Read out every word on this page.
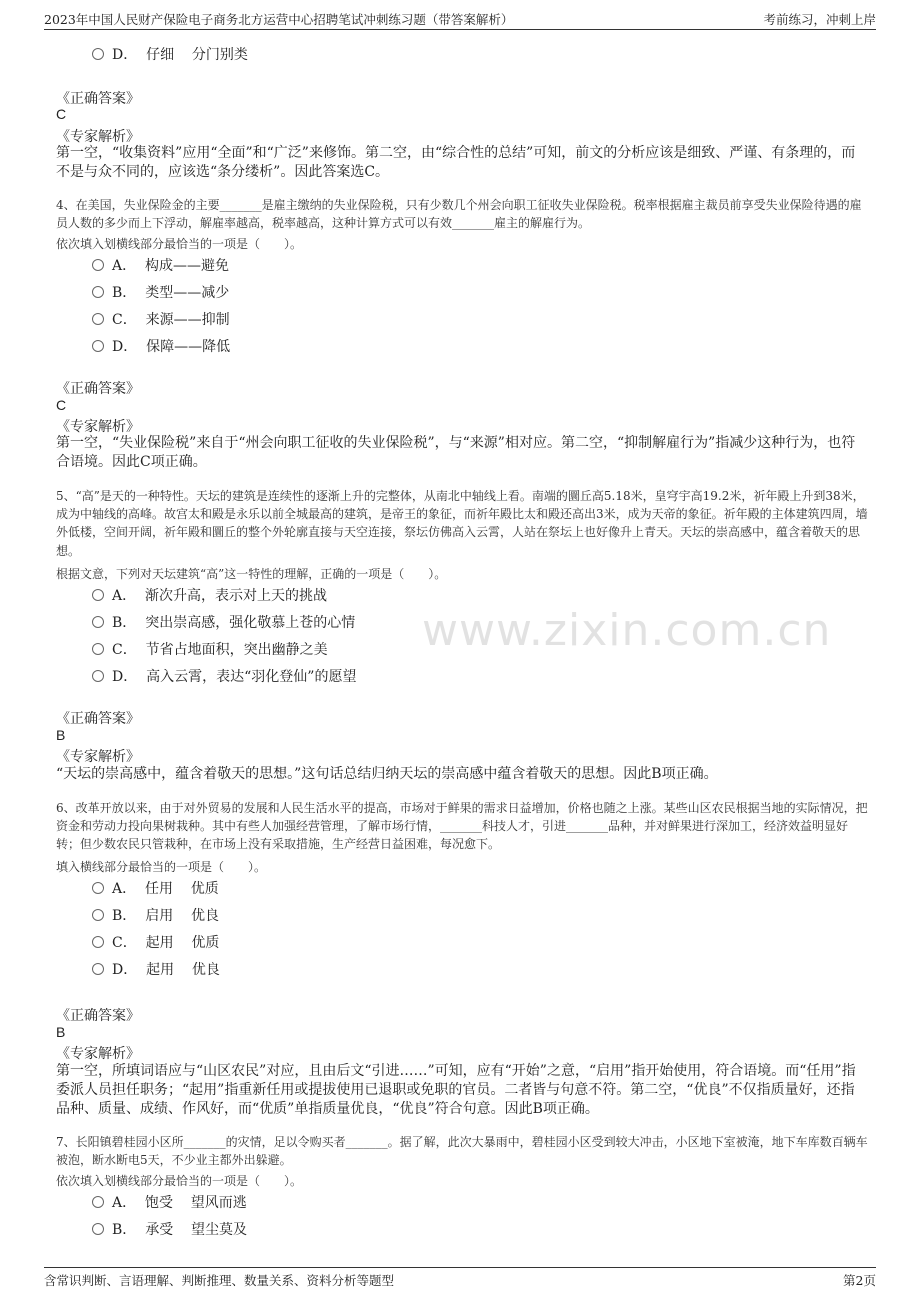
2023年中国人民财产保险电子商务北方运营中心招聘笔试冲刺练习题（带答案解析）	考前练习，冲刺上岸
www.zixin.com.cn
D．  仔细    分门别类
《正确答案》
C
《专家解析》
第一空，“收集资料”应用“全面”和“广泛”来修饰。第二空，由“综合性的总结”可知，前文的分析应该是细致、严谨、有条理的，而不是与众不同的，应该选“条分缕析”。因此答案选C。
4、在美国，失业保险金的主要_______是雇主缴纳的失业保险税，只有少数几个州会向职工征收失业保险税。税率根据雇主裁员前享受失业保险待遇的雇员人数的多少而上下浮动，解雇率越高，税率越高，这种计算方式可以有效_______雇主的解雇行为。
依次填入划横线部分最恰当的一项是（　　）。
A．  构成——避免
B．  类型——减少
C．  来源——抑制
D．  保障——降低
《正确答案》
C
《专家解析》
第一空，“失业保险税”来自于“州会向职工征收的失业保险税”，与“来源”相对应。第二空，“抑制解雇行为”指减少这种行为，也符合语境。因此C项正确。
5、“高”是天的一种特性。天坛的建筑是连续性的逐渐上升的完整体，从南北中轴线上看。南端的圜丘高5.18米，皇穹宇高19.2米，祈年殿上升到38米，成为中轴线的高峰。故宫太和殿是永乐以前全城最高的建筑，是帝王的象征，而祈年殿比太和殿还高出3米，成为天帝的象征。祈年殿的主体建筑四周，墙外低楼，空间开阔，祈年殿和圜丘的整个外轮廓直接与天空连接，祭坛仿佛高入云霄，人站在祭坛上也好像升上青天。天坛的崇高感中，蕴含着敬天的思想。
根据文意，下列对天坛建筑“高”这一特性的理解，正确的一项是（　　）。
A．  渐次升高，表示对上天的挑战
B．  突出崇高感，强化敬慕上苍的心情
C．  节省占地面积，突出幽静之美
D．  高入云霄，表达“羽化登仙”的愿望
《正确答案》
B
《专家解析》
“天坛的崇高感中，蕴含着敬天的思想。”这句话总结归纳天坛的崇高感中蕴含着敬天的思想。因此B项正确。
6、改革开放以来，由于对外贸易的发展和人民生活水平的提高，市场对于鲜果的需求日益增加，价格也随之上涨。某些山区农民根据当地的实际情况，把资金和劳动力投向果树栽种。其中有些人加强经营管理，了解市场行情，_______科技人才，引进_______品种，并对鲜果进行深加工，经济效益明显好转；但少数农民只管栽种，在市场上没有采取措施，生产经营日益困难，每况愈下。
填入横线部分最恰当的一项是（　　）。
A．  任用    优质
B．  启用    优良
C．  起用    优质
D．  起用    优良
《正确答案》
B
《专家解析》
第一空，所填词语应与“山区农民”对应，且由后文“引进……”可知，应有“开始”之意，“启用”指开始使用，符合语境。而“任用”指委派人员担任职务；“起用”指重新任用或提拔使用已退职或免职的官员。二者皆与句意不符。第二空，“优良”不仅指质量好，还指品种、质量、成绩、作风好，而“优质”单指质量优良，“优良”符合句意。因此B项正确。
7、长阳镇碧桂园小区所_______的灾情，足以令购买者_______。据了解，此次大暴雨中，碧桂园小区受到较大冲击，小区地下室被淹，地下车库数百辆车被泡，断水断电5天，不少业主都外出躲避。
依次填入划横线部分最恰当的一项是（　　）。
A．  饱受    望风而逃
B．  承受    望尘莫及
含常识判断、言语理解、判断推理、数量关系、资料分析等题型	第2页
